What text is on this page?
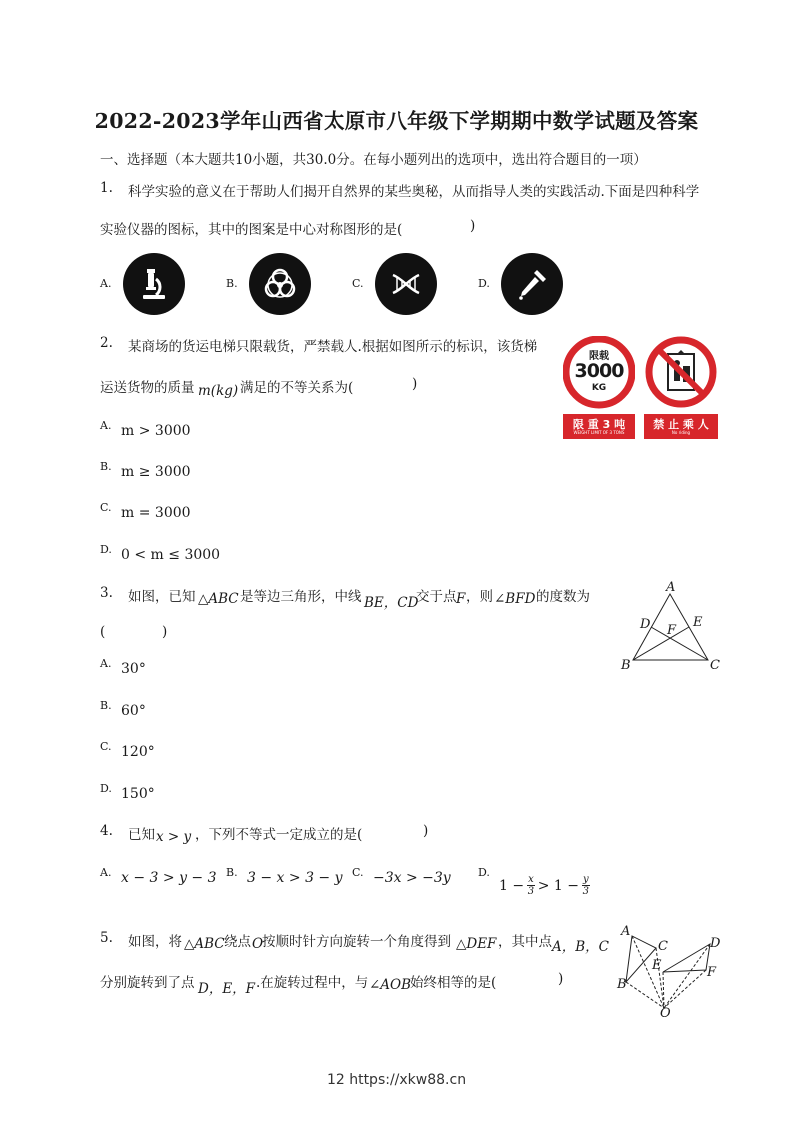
2022-2023学年山西省太原市八年级下学期期中数学试题及答案
一、选择题（本大题共10小题，共30.0分。在每小题列出的选项中，选出符合题目的一项）
1. 科学实验的意义在于帮助人们揭开自然界的某些奥秘，从而指导人类的实践活动.下面是四种科学
实验仪器的图标，其中的图案是中心对称图形的是(	)
A.	B.	C.	D.
2. 某商场的货运电梯只限载货，严禁载人.根据如图所示的标识，该货梯
运送货物的质量 m(kg) 满足的不等关系为(	)
限载
3000
KG
限 重 3 吨
WEIGHT LIMIT OF 3 TONS
禁 止 乘 人
No riding
A. m > 3000
B. m ≥ 3000
C. m = 3000
D. 0 < m ≤ 3000
3. 如图，已知 △ABC 是等边三角形，中线 BE，CD
交于点 F ，则 ∠BFD 的度数为
(	)
A
D	E
F
B	C
A. 30°
B. 60°
C. 120°
D. 150°
4. 已知 x > y ，下列不等式一定成立的是(	)
A. x − 3 > y − 3 B. 3 − x > 3 − y C. −3x > −3y D.
$1 - \frac{x}{3} > 1 - \frac{y}{3}$
5. 如图，将 △ABC 绕点 O
按顺时针方向旋转一个角度得到 △DEF ，其中点 A，B，C
分别旋转到了点 D，E，F .在旋转过程中，与 ∠AOB
始终相等的是(	)
A
C	D
E	F
B
O
12 https://xkw88.cn
